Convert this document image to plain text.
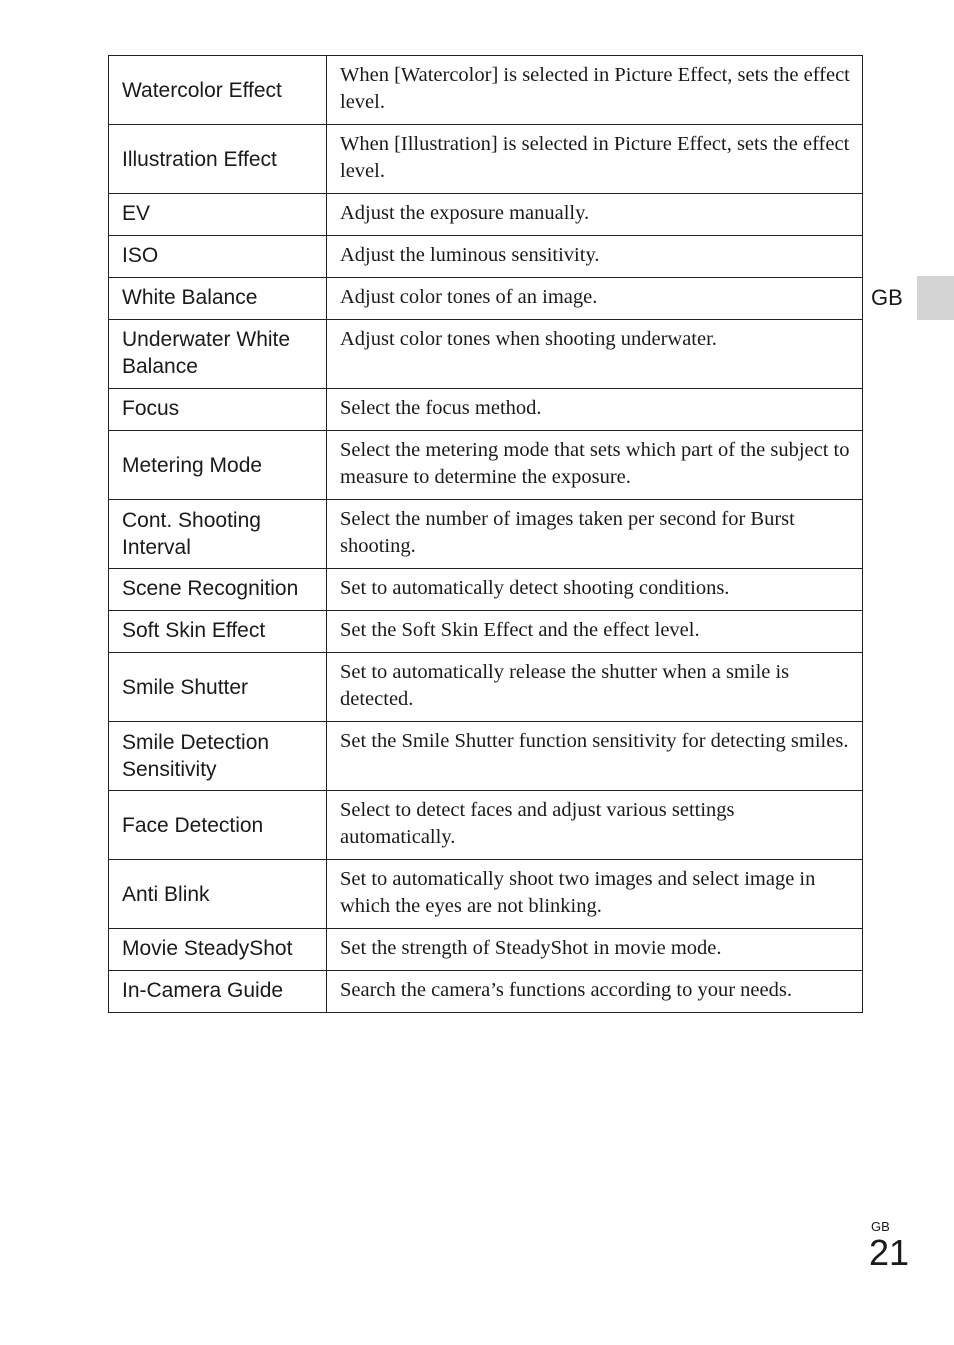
Watercolor Effect	When [Watercolor] is selected in Picture Effect, sets the effect level.
Illustration Effect	When [Illustration] is selected in Picture Effect, sets the effect level.
EV	Adjust the exposure manually.
ISO	Adjust the luminous sensitivity.
White Balance	Adjust color tones of an image.
Underwater White Balance	Adjust color tones when shooting underwater.
Focus	Select the focus method.
Metering Mode	Select the metering mode that sets which part of the subject to measure to determine the exposure.
Cont. Shooting Interval	Select the number of images taken per second for Burst shooting.
Scene Recognition	Set to automatically detect shooting conditions.
Soft Skin Effect	Set the Soft Skin Effect and the effect level.
Smile Shutter	Set to automatically release the shutter when a smile is detected.
Smile Detection Sensitivity	Set the Smile Shutter function sensitivity for detecting smiles.
Face Detection	Select to detect faces and adjust various settings automatically.
Anti Blink	Set to automatically shoot two images and select image in which the eyes are not blinking.
Movie SteadyShot	Set the strength of SteadyShot in movie mode.
In-Camera Guide	Search the camera’s functions according to your needs.
GB
GB
21
